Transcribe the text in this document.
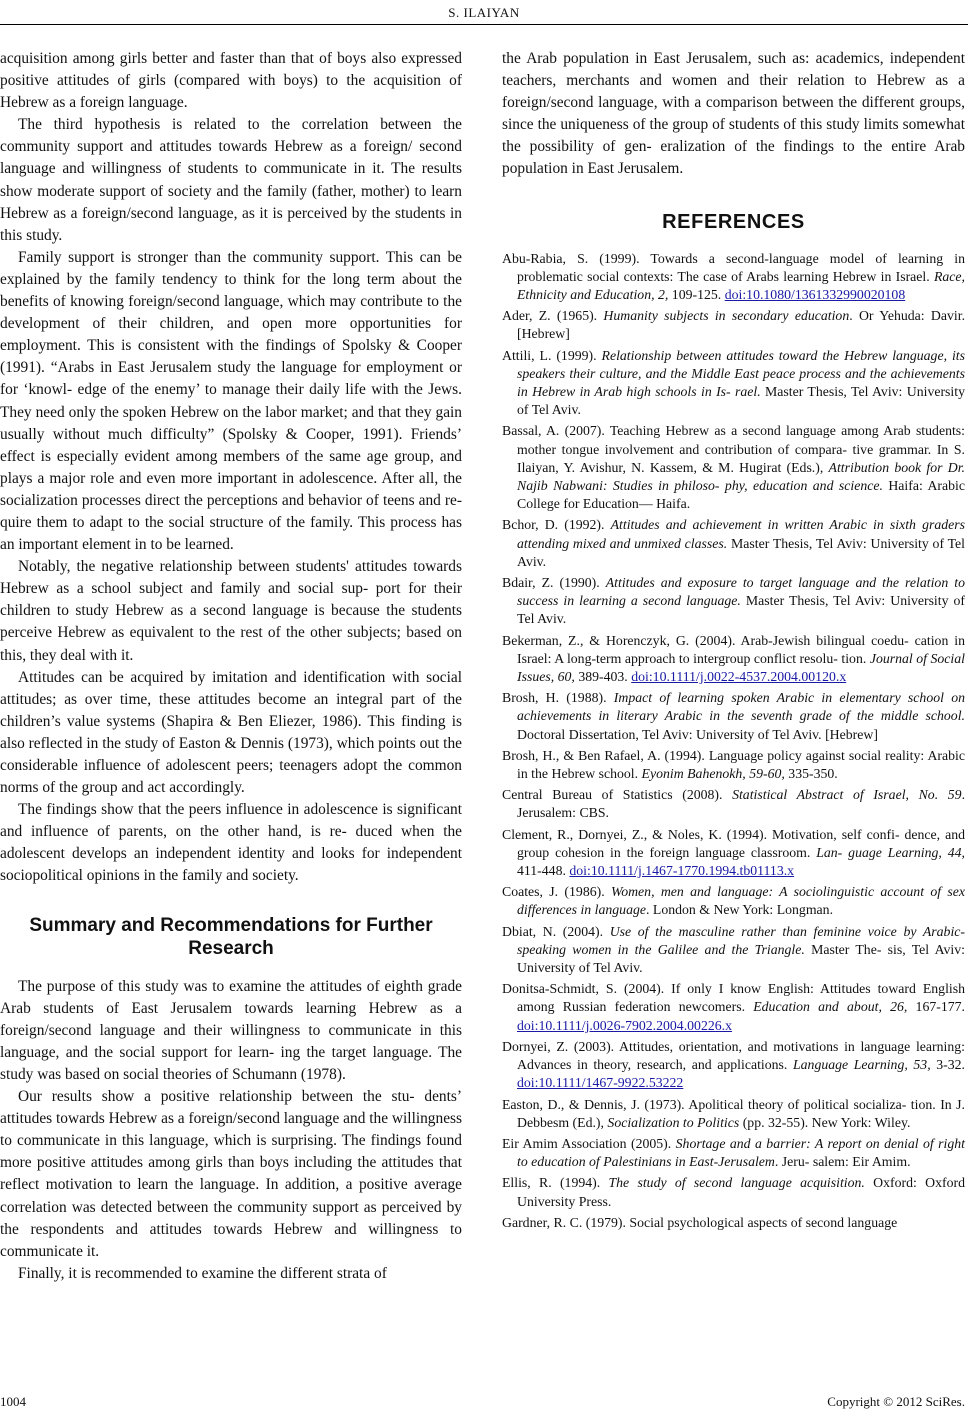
S. ILAIYAN

acquisition among girls better and faster than that of boys also expressed positive attitudes of girls (compared with boys) to the acquisition of Hebrew as a foreign language.

The third hypothesis is related to the correlation between the community support and attitudes towards Hebrew as a foreign/ second language and willingness of students to communicate in it. The results show moderate support of society and the family (father, mother) to learn Hebrew as a foreign/second language, as it is perceived by the students in this study.

Family support is stronger than the community support. This can be explained by the family tendency to think for the long term about the benefits of knowing foreign/second language, which may contribute to the development of their children, and open more opportunities for employment. This is consistent with the findings of Spolsky & Cooper (1991). “Arabs in East Jerusalem study the language for employment or for ‘knowl- edge of the enemy’ to manage their daily life with the Jews. They need only the spoken Hebrew on the labor market; and that they gain usually without much difficulty” (Spolsky & Cooper, 1991). Friends’ effect is especially evident among members of the same age group, and plays a major role and even more important in adolescence. After all, the socialization processes direct the perceptions and behavior of teens and re- quire them to adapt to the social structure of the family. This process has an important element in to be learned.

Notably, the negative relationship between students' attitudes towards Hebrew as a school subject and family and social sup- port for their children to study Hebrew as a second language is because the students perceive Hebrew as equivalent to the rest of the other subjects; based on this, they deal with it.

Attitudes can be acquired by imitation and identification with social attitudes; as over time, these attitudes become an integral part of the children’s value systems (Shapira & Ben Eliezer, 1986). This finding is also reflected in the study of Easton & Dennis (1973), which points out the considerable influence of adolescent peers; teenagers adopt the common norms of the group and act accordingly.

The findings show that the peers influence in adolescence is significant and influence of parents, on the other hand, is re- duced when the adolescent develops an independent identity and looks for independent sociopolitical opinions in the family and society.

Summary and Recommendations for Further Research

The purpose of this study was to examine the attitudes of eighth grade Arab students of East Jerusalem towards learning Hebrew as a foreign/second language and their willingness to communicate in this language, and the social support for learn- ing the target language. The study was based on social theories of Schumann (1978).

Our results show a positive relationship between the stu- dents’ attitudes towards Hebrew as a foreign/second language and the willingness to communicate in this language, which is surprising. The findings found more positive attitudes among girls than boys including the attitudes that reflect motivation to learn the language. In addition, a positive average correlation was detected between the community support as perceived by the respondents and attitudes towards Hebrew and willingness to communicate it.

Finally, it is recommended to examine the different strata of

the Arab population in East Jerusalem, such as: academics, independent teachers, merchants and women and their relation to Hebrew as a foreign/second language, with a comparison between the different groups, since the uniqueness of the group of students of this study limits somewhat the possibility of gen- eralization of the findings to the entire Arab population in East Jerusalem.

REFERENCES

Abu-Rabia, S. (1999). Towards a second-language model of learning in problematic social contexts: The case of Arabs learning Hebrew in Israel. Race, Ethnicity and Education, 2, 109-125. doi:10.1080/1361332990020108

Ader, Z. (1965). Humanity subjects in secondary education. Or Yehuda: Davir. [Hebrew]

Attili, L. (1999). Relationship between attitudes toward the Hebrew language, its speakers their culture, and the Middle East peace process and the achievements in Hebrew in Arab high schools in Is- rael. Master Thesis, Tel Aviv: University of Tel Aviv.

Bassal, A. (2007). Teaching Hebrew as a second language among Arab students: mother tongue involvement and contribution of compara- tive grammar. In S. Ilaiyan, Y. Avishur, N. Kassem, & M. Hugirat (Eds.), Attribution book for Dr. Najib Nabwani: Studies in philoso- phy, education and science. Haifa: Arabic College for Education— Haifa.

Bchor, D. (1992). Attitudes and achievement in written Arabic in sixth graders attending mixed and unmixed classes. Master Thesis, Tel Aviv: University of Tel Aviv.

Bdair, Z. (1990). Attitudes and exposure to target language and the relation to success in learning a second language. Master Thesis, Tel Aviv: University of Tel Aviv.

Bekerman, Z., & Horenczyk, G. (2004). Arab-Jewish bilingual coedu- cation in Israel: A long-term approach to intergroup conflict resolu- tion. Journal of Social Issues, 60, 389-403. doi:10.1111/j.0022-4537.2004.00120.x

Brosh, H. (1988). Impact of learning spoken Arabic in elementary school on achievements in literary Arabic in the seventh grade of the middle school. Doctoral Dissertation, Tel Aviv: University of Tel Aviv. [Hebrew]

Brosh, H., & Ben Rafael, A. (1994). Language policy against social reality: Arabic in the Hebrew school. Eyonim Bahenokh, 59-60, 335-350.

Central Bureau of Statistics (2008). Statistical Abstract of Israel, No. 59. Jerusalem: CBS.

Clement, R., Dornyei, Z., & Noles, K. (1994). Motivation, self confi- dence, and group cohesion in the foreign language classroom. Lan- guage Learning, 44, 411-448. doi:10.1111/j.1467-1770.1994.tb01113.x

Coates, J. (1986). Women, men and language: A sociolinguistic account of sex differences in language. London & New York: Longman.

Dbiat, N. (2004). Use of the masculine rather than feminine voice by Arabic-speaking women in the Galilee and the Triangle. Master The- sis, Tel Aviv: University of Tel Aviv.

Donitsa-Schmidt, S. (2004). If only I know English: Attitudes toward English among Russian federation newcomers. Education and about, 26, 167-177. doi:10.1111/j.0026-7902.2004.00226.x

Dornyei, Z. (2003). Attitudes, orientation, and motivations in language learning: Advances in theory, research, and applications. Language Learning, 53, 3-32. doi:10.1111/1467-9922.53222

Easton, D., & Dennis, J. (1973). Apolitical theory of political socializa- tion. In J. Debbesm (Ed.), Socialization to Politics (pp. 32-55). New York: Wiley.

Eir Amim Association (2005). Shortage and a barrier: A report on denial of right to education of Palestinians in East-Jerusalem. Jeru- salem: Eir Amim.

Ellis, R. (1994). The study of second language acquisition. Oxford: Oxford University Press.

Gardner, R. C. (1979). Social psychological aspects of second language

1004	Copyright © 2012 SciRes.
